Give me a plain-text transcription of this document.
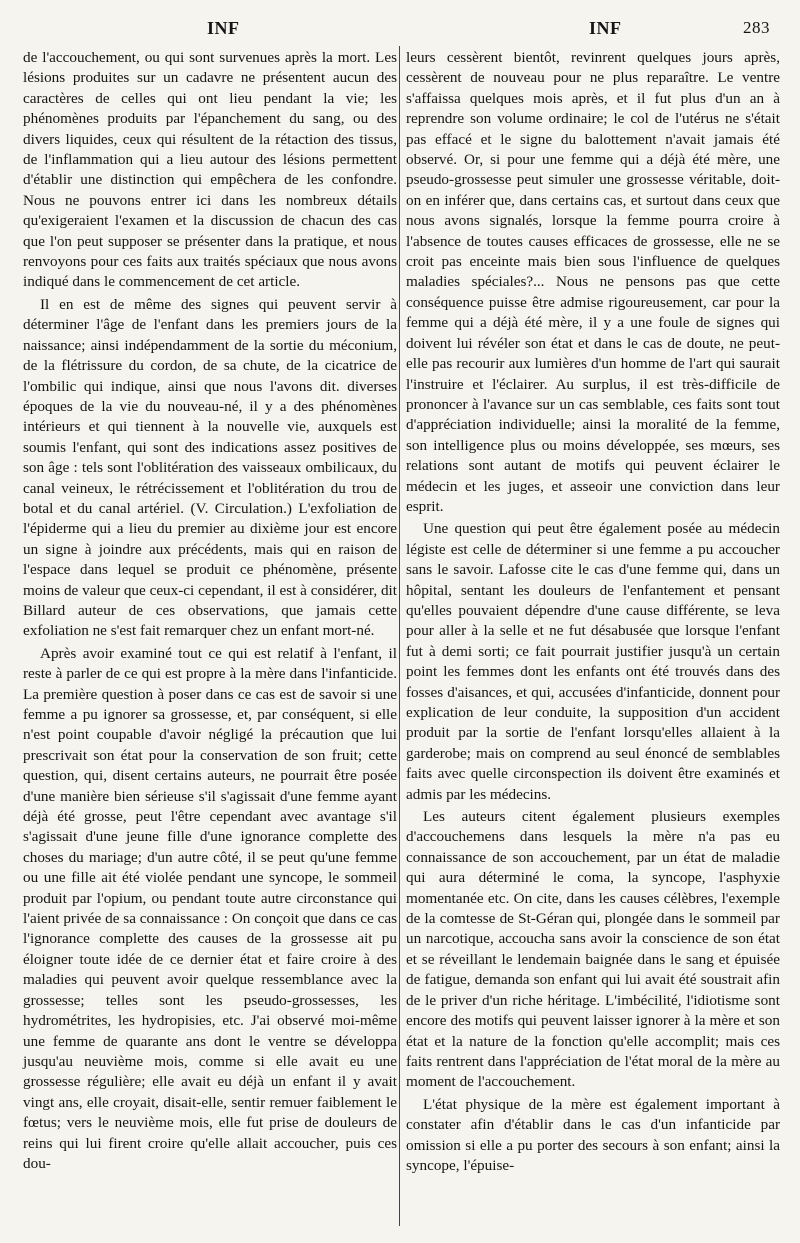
INF	INF	283

de l'accouchement, ou qui sont survenues après la mort. Les lésions produites sur un cadavre ne présentent aucun des caractères de celles qui ont lieu pendant la vie; les phénomènes produits par l'épanchement du sang, ou des divers liquides, ceux qui résultent de la rétaction des tissus, de l'inflammation qui a lieu autour des lésions permettent d'établir une distinction qui empêchera de les confondre. Nous ne pouvons entrer ici dans les nombreux détails qu'exigeraient l'examen et la discussion de chacun des cas que l'on peut supposer se présenter dans la pratique, et nous renvoyons pour ces faits aux traités spéciaux que nous avons indiqué dans le commencement de cet article.

Il en est de même des signes qui peuvent servir à déterminer l'âge de l'enfant dans les premiers jours de la naissance; ainsi indépendamment de la sortie du méconium, de la flétrissure du cordon, de sa chute, de la cicatrice de l'ombilic qui indique, ainsi que nous l'avons dit. diverses époques de la vie du nouveau-né, il y a des phénomènes intérieurs et qui tiennent à la nouvelle vie, auxquels est soumis l'enfant, qui sont des indications assez positives de son âge : tels sont l'oblitération des vaisseaux ombilicaux, du canal veineux, le rétrécissement et l'oblitération du trou de botal et du canal artériel. (V. Circulation.) L'exfoliation de l'épiderme qui a lieu du premier au dixième jour est encore un signe à joindre aux précédents, mais qui en raison de l'espace dans lequel se produit ce phénomène, présente moins de valeur que ceux-ci cependant, il est à considérer, dit Billard auteur de ces observations, que jamais cette exfoliation ne s'est fait remarquer chez un enfant mort-né.

Après avoir examiné tout ce qui est relatif à l'enfant, il reste à parler de ce qui est propre à la mère dans l'infanticide. La première question à poser dans ce cas est de savoir si une femme a pu ignorer sa grossesse, et, par conséquent, si elle n'est point coupable d'avoir négligé la précaution que lui prescrivait son état pour la conservation de son fruit; cette question, qui, disent certains auteurs, ne pourrait être posée d'une manière bien sérieuse s'il s'agissait d'une femme ayant déjà été grosse, peut l'être cependant avec avantage s'il s'agissait d'une jeune fille d'une ignorance complette des choses du mariage; d'un autre côté, il se peut qu'une femme ou une fille ait été violée pendant une syncope, le sommeil produit par l'opium, ou pendant toute autre circonstance qui l'aient privée de sa connaissance : On conçoit que dans ce cas l'ignorance complette des causes de la grossesse ait pu éloigner toute idée de ce dernier état et faire croire à des maladies qui peuvent avoir quelque ressemblance avec la grossesse; telles sont les pseudo-grossesses, les hydrométrites, les hydropisies, etc. J'ai observé moi-même une femme de quarante ans dont le ventre se développa jusqu'au neuvième mois, comme si elle avait eu une grossesse régulière; elle avait eu déjà un enfant il y avait vingt ans, elle croyait, disait-elle, sentir remuer faiblement le fœtus; vers le neuvième mois, elle fut prise de douleurs de reins qui lui firent croire qu'elle allait accoucher, puis ces dou-

leurs cessèrent bientôt, revinrent quelques jours après, cessèrent de nouveau pour ne plus reparaître. Le ventre s'affaissa quelques mois après, et il fut plus d'un an à reprendre son volume ordinaire; le col de l'utérus ne s'était pas effacé et le signe du balottement n'avait jamais été observé. Or, si pour une femme qui a déjà été mère, une pseudo-grossesse peut simuler une grossesse véritable, doit-on en inférer que, dans certains cas, et surtout dans ceux que nous avons signalés, lorsque la femme pourra croire à l'absence de toutes causes efficaces de grossesse, elle ne se croit pas enceinte mais bien sous l'influence de quelques maladies spéciales?... Nous ne pensons pas que cette conséquence puisse être admise rigoureusement, car pour la femme qui a déjà été mère, il y a une foule de signes qui doivent lui révéler son état et dans le cas de doute, ne peut-elle pas recourir aux lumières d'un homme de l'art qui saurait l'instruire et l'éclairer. Au surplus, il est très-difficile de prononcer à l'avance sur un cas semblable, ces faits sont tout d'appréciation individuelle; ainsi la moralité de la femme, son intelligence plus ou moins développée, ses mœurs, ses relations sont autant de motifs qui peuvent éclairer le médecin et les juges, et asseoir une conviction dans leur esprit.

Une question qui peut être également posée au médecin légiste est celle de déterminer si une femme a pu accoucher sans le savoir. Lafosse cite le cas d'une femme qui, dans un hôpital, sentant les douleurs de l'enfantement et pensant qu'elles pouvaient dépendre d'une cause différente, se leva pour aller à la selle et ne fut désabusée que lorsque l'enfant fut à demi sorti; ce fait pourrait justifier jusqu'à un certain point les femmes dont les enfants ont été trouvés dans des fosses d'aisances, et qui, accusées d'infanticide, donnent pour explication de leur conduite, la supposition d'un accident produit par la sortie de l'enfant lorsqu'elles allaient à la garderobe; mais on comprend au seul énoncé de semblables faits avec quelle circonspection ils doivent être examinés et admis par les médecins.

Les auteurs citent également plusieurs exemples d'accouchemens dans lesquels la mère n'a pas eu connaissance de son accouchement, par un état de maladie qui aura déterminé le coma, la syncope, l'asphyxie momentanée etc. On cite, dans les causes célèbres, l'exemple de la comtesse de St-Géran qui, plongée dans le sommeil par un narcotique, accoucha sans avoir la conscience de son état et se réveillant le lendemain baignée dans le sang et épuisée de fatigue, demanda son enfant qui lui avait été soustrait afin de le priver d'un riche héritage. L'imbécilité, l'idiotisme sont encore des motifs qui peuvent laisser ignorer à la mère et son état et la nature de la fonction qu'elle accomplit; mais ces faits rentrent dans l'appréciation de l'état moral de la mère au moment de l'accouchement.

L'état physique de la mère est également important à constater afin d'établir dans le cas d'un infanticide par omission si elle a pu porter des secours à son enfant; ainsi la syncope, l'épuise-
